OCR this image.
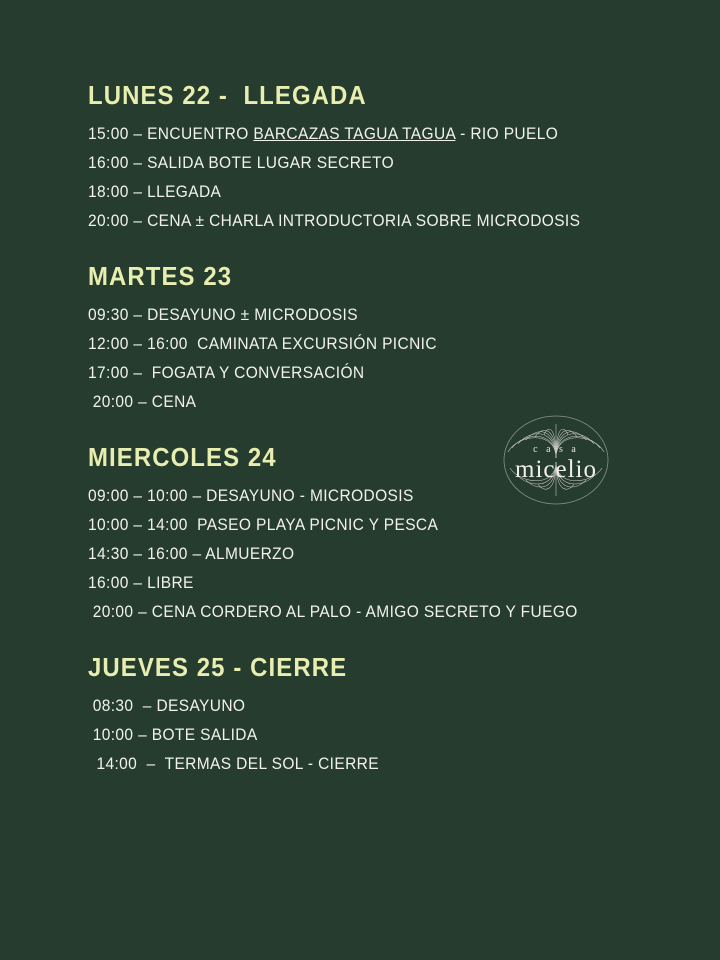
LUNES 22 -  LLEGADA
15:00 – ENCUENTRO BARCAZAS TAGUA TAGUA - RIO PUELO
16:00 – SALIDA BOTE LUGAR SECRETO
18:00 – LLEGADA
20:00 – CENA ± CHARLA INTRODUCTORIA SOBRE MICRODOSIS
MARTES 23
09:30 – DESAYUNO ± MICRODOSIS
12:00 – 16:00  CAMINATA EXCURSIÓN PICNIC
17:00 –  FOGATA Y CONVERSACIÓN
20:00 – CENA
MIERCOLES 24
09:00 – 10:00 – DESAYUNO - MICRODOSIS
10:00 – 14:00  PASEO PLAYA PICNIC Y PESCA
14:30 – 16:00 – ALMUERZO
16:00 – LIBRE
20:00 – CENA CORDERO AL PALO - AMIGO SECRETO Y FUEGO
JUEVES 25 - CIERRE
08:30  – DESAYUNO
10:00 – BOTE SALIDA
14:00  –  TERMAS DEL SOL - CIERRE
c a s a
micelio
